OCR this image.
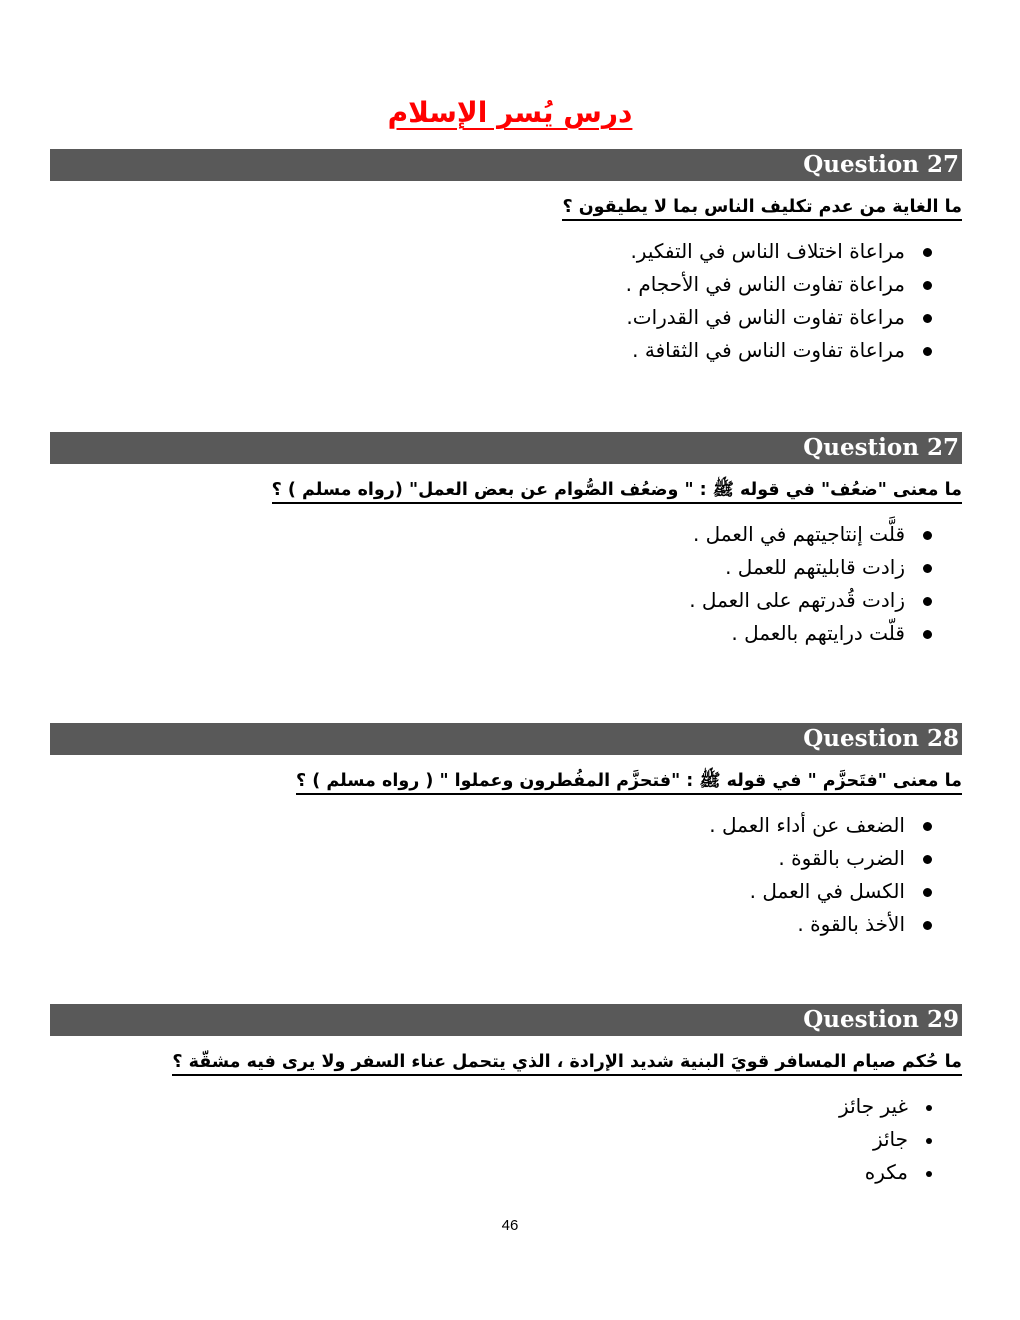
درس يُسر الإسلام
Question 27
ما الغاية من عدم تكليف الناس بما لا يطيقون ؟
مراعاة اختلاف الناس في التفكير.
مراعاة تفاوت الناس في الأحجام .
مراعاة تفاوت الناس في القدرات.
مراعاة تفاوت الناس في الثقافة .
Question 27
ما معنى "ضعُف" في قوله ﷺ : " وضعُف الصُّوام عن بعض العمل" (رواه مسلم ) ؟
قلَّت إنتاجيتهم في العمل .
زادت قابليتهم للعمل .
زادت قُدرتهم على العمل .
قلّت درايتهم بالعمل .
Question 28
ما معنى "فتَحزَّم " في قوله ﷺ : "فتحزَّم المفُطرون وعملوا " ( رواه مسلم ) ؟
الضعف عن أداء العمل .
الضرب بالقوة .
الكسل في العمل .
الأخذ بالقوة .
Question 29
ما حُكم صيام المسافر قويَ البنية شديد الإرادة ، الذي يتحمل عناء السفر ولا يرى فيه مشقّة ؟
غير جائز
جائز
مكره
46
